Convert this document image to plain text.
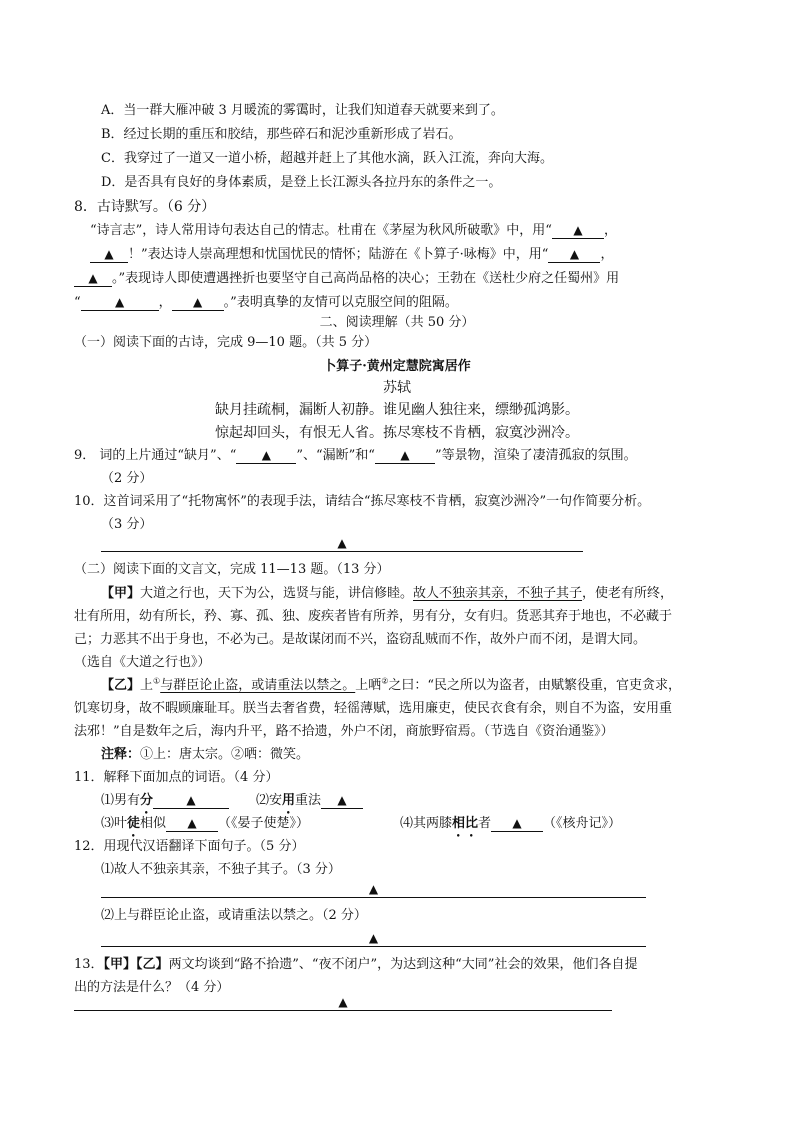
A．当一群大雁冲破 3 月暖流的雾霭时，让我们知道春天就要来到了。
B．经过长期的重压和胶结，那些碎石和泥沙重新形成了岩石。
C．我穿过了一道又一道小桥，超越并赶上了其他水滴，跃入江流，奔向大海。
D．是否具有良好的身体素质，是登上长江源头各拉丹东的条件之一。
8．古诗默写。（6 分）
“诗言志”，诗人常用诗句表达自己的情志。杜甫在《茅屋为秋风所破歌》中，用“ ▲ ，
▲ ！”表达诗人崇高理想和忧国忧民的情怀；陆游在《卜算子·咏梅》中，用“ ▲ ，
▲ 。”表现诗人即使遭遇挫折也要坚守自己高尚品格的决心；王勃在《送杜少府之任蜀州》用
“	▲	， ▲ 。”表明真挚的友情可以克服空间的阻隔。
二、阅读理解（共 50 分）
（一）阅读下面的古诗，完成 9—10 题。（共 5 分）
卜算子·黄州定慧院寓居作
苏轼
缺月挂疏桐，漏断人初静。谁见幽人独往来，缥缈孤鸿影。
惊起却回头，有恨无人省。拣尽寒枝不肯栖，寂寞沙洲冷。
9． 词的上片通过“缺月”、“ ▲ ”、“漏断”和“ ▲ ”等景物，渲染了凄清孤寂的氛围。
（2 分）
10．这首词采用了“托物寓怀”的表现手法，请结合“拣尽寒枝不肯栖，寂寞沙洲冷”一句作简要分析。
（3 分）
▲
（二）阅读下面的文言文，完成 11—13 题。（13 分）
【甲】大道之行也，天下为公，选贤与能，讲信修睦。故人不独亲其亲，不独子其子，使老有所终，
壮有所用，幼有所长，矜、寡、孤、独、废疾者皆有所养，男有分，女有归。货恶其弃于地也，不必藏于
己；力恶其不出于身也，不必为己。是故谋闭而不兴，盗窃乱贼而不作，故外户而不闭，是谓大同。
（选自《大道之行也》）
【乙】上①与群臣论止盗，或请重法以禁之。上哂②之曰：“民之所以为盗者，由赋繁役重，官吏贪求，
饥寒切身，故不暇顾廉耻耳。朕当去奢省费，轻徭薄赋，选用廉吏，使民衣食有余，则自不为盗，安用重
法邪！”自是数年之后，海内升平，路不拾遗，外户不闭，商旅野宿焉。（节选自《资治通鉴》）
注释：①上：唐太宗。②哂：微笑。
11．解释下面加点的词语。（4 分）
⑴男有分	▲	⑵安用重法 ▲
⑶叶徒相似 ▲ （《晏子使楚》）	⑷其两膝相比者 ▲ （《核舟记》）
12．用现代汉语翻译下面句子。（5 分）
⑴故人不独亲其亲，不独子其子。（3 分）
▲
⑵上与群臣论止盗，或请重法以禁之。（2 分）
▲
13．【甲】【乙】两文均谈到“路不拾遗”、“夜不闭户”，为达到这种“大同”社会的效果，他们各自提
出的方法是什么？（4 分）
▲
